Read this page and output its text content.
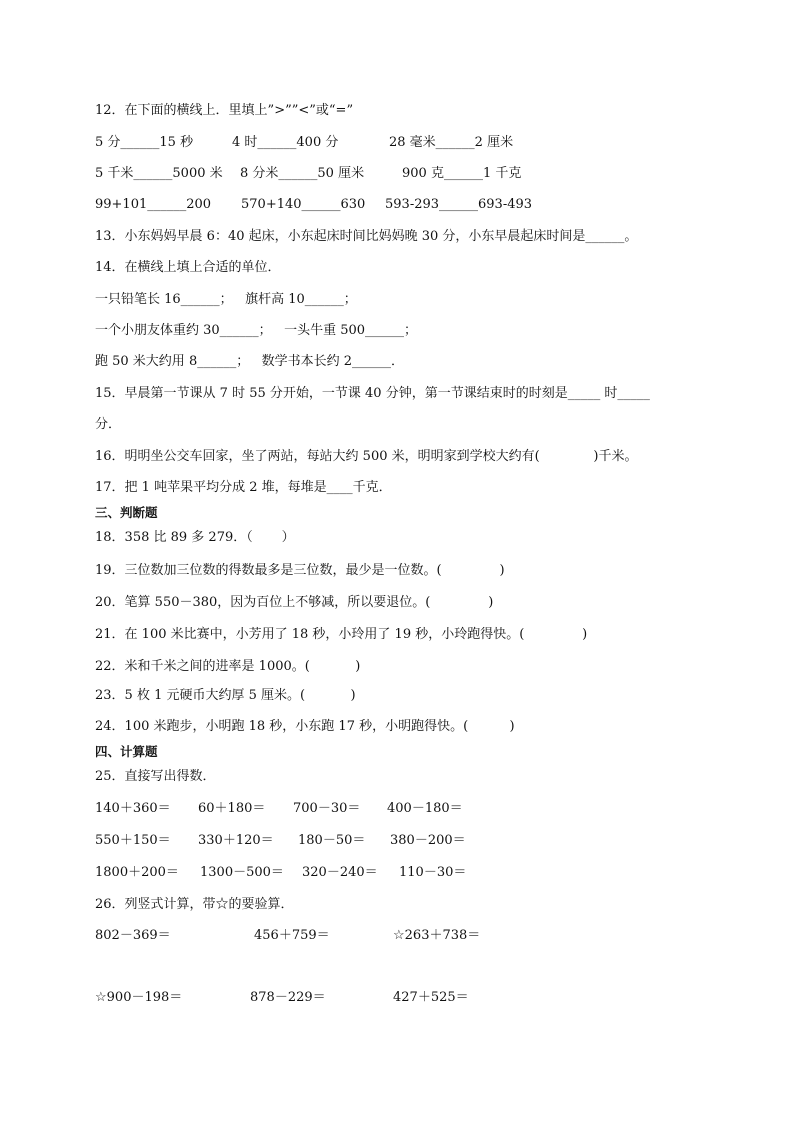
12．在下面的横线上．里填上”>””<”或“=”
5 分______15 秒	4 时______400 分	28 毫米______2 厘米
5 千米______5000 米 8 分米______50 厘米	900 克______1 千克
99+101______200 570+140______630 593-293______693-493
13．小东妈妈早晨 6：40 起床，小东起床时间比妈妈晚 30 分，小东早晨起床时间是______。
14．在横线上填上合适的单位．
一只铅笔长 16______；   旗杆高 10______；
一个小朋友体重约 30______；   一头牛重 500______；
跑 50 米大约用 8______；   数学书本长约 2______．
15．早晨第一节课从 7 时 55 分开始，一节课 40 分钟，第一节课结束时的时刻是_____ 时_____
分．
16．明明坐公交车回家，坐了两站，每站大约 500 米，明明家到学校大约有(             )千米。
17．把 1 吨苹果平均分成 2 堆，每堆是____千克．
三、判断题
18．358 比 89 多 279．（       ）
19．三位数加三位数的得数最多是三位数，最少是一位数。(              )
20．笔算 550－380，因为百位上不够减，所以要退位。(              )
21．在 100 米比赛中，小芳用了 18 秒，小玲用了 19 秒，小玲跑得快。(              )
22．米和千米之间的进率是 1000。(           )
23．5 枚 1 元硬币大约厚 5 厘米。(           )
24．100 米跑步，小明跑 18 秒，小东跑 17 秒，小明跑得快。(          )
四、计算题
25．直接写出得数．
140＋360＝ 60＋180＝ 700－30＝ 400－180＝
550＋150＝ 330＋120＝ 180－50＝ 380－200＝
1800＋200＝ 1300－500＝ 320－240＝ 110－30＝
26．列竖式计算，带☆的要验算．
802－369＝	456＋759＝	☆263＋738＝
☆900－198＝	878－229＝	427＋525＝
